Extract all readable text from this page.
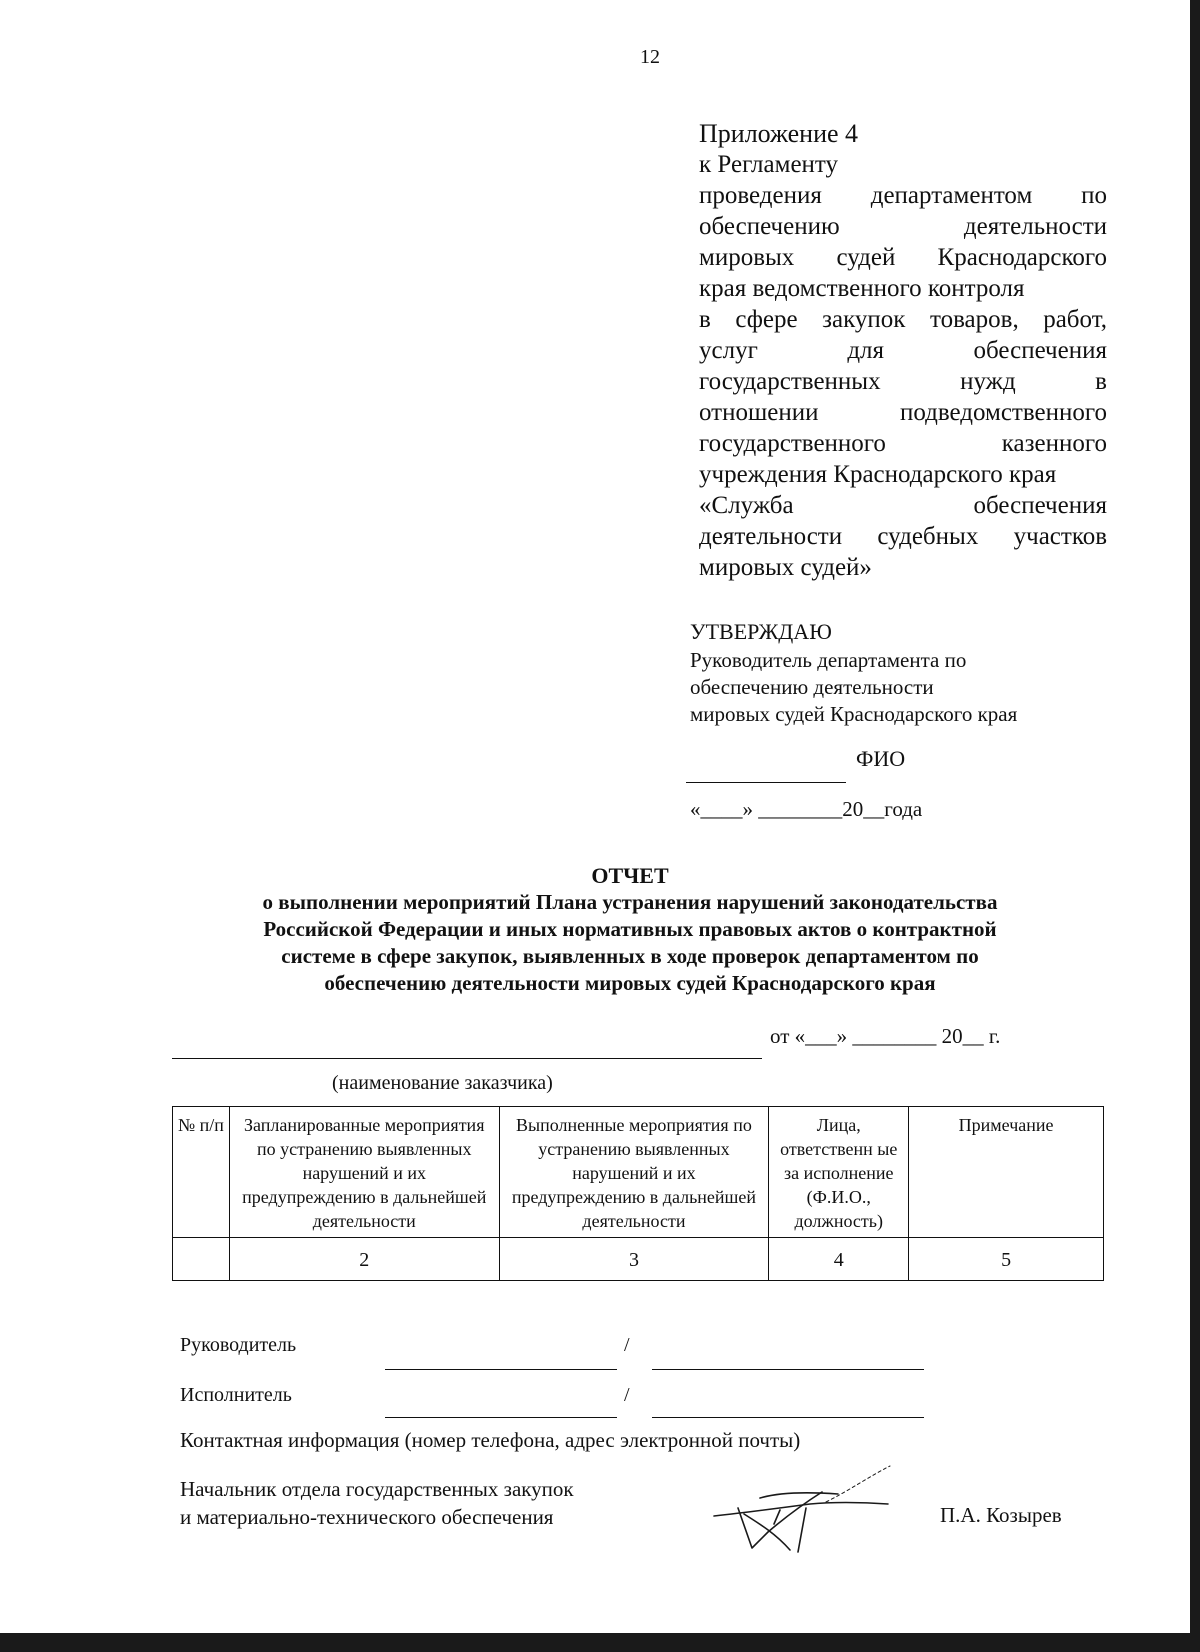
12
Приложение 4
к Регламенту
проведения департаментом по
обеспечению деятельности
мировых судей Краснодарского
края ведомственного контроля
в сфере закупок товаров, работ,
услуг для обеспечения
государственных нужд в
отношении подведомственного
государственного казенного
учреждения Краснодарского края
«Служба обеспечения
деятельности судебных участков
мировых судей»
УТВЕРЖДАЮ
Руководитель департамента по
обеспечению деятельности
мировых судей Краснодарского края
ФИО
«____» ________20__года
ОТЧЕТ
о выполнении мероприятий Плана устранения нарушений законодательства
Российской Федерации и иных нормативных правовых актов о контрактной
системе в сфере закупок, выявленных в ходе проверок департаментом по
обеспечению деятельности мировых судей Краснодарского края
от «___» ________ 20__ г.
(наименование заказчика)
№ п/п	Запланированные мероприятия по устранению выявленных нарушений и их предупреждению в дальнейшей деятельности	Выполненные мероприятия по устранению выявленных нарушений и их предупреждению в дальнейшей деятельности	Лица, ответственн ые за исполнение (Ф.И.О., должность)	Примечание
	2	3	4	5
Руководитель	/
Исполнитель	/
Контактная информация (номер телефона, адрес электронной почты)
Начальник отдела государственных закупок
и материально-технического обеспечения	П.А. Козырев
